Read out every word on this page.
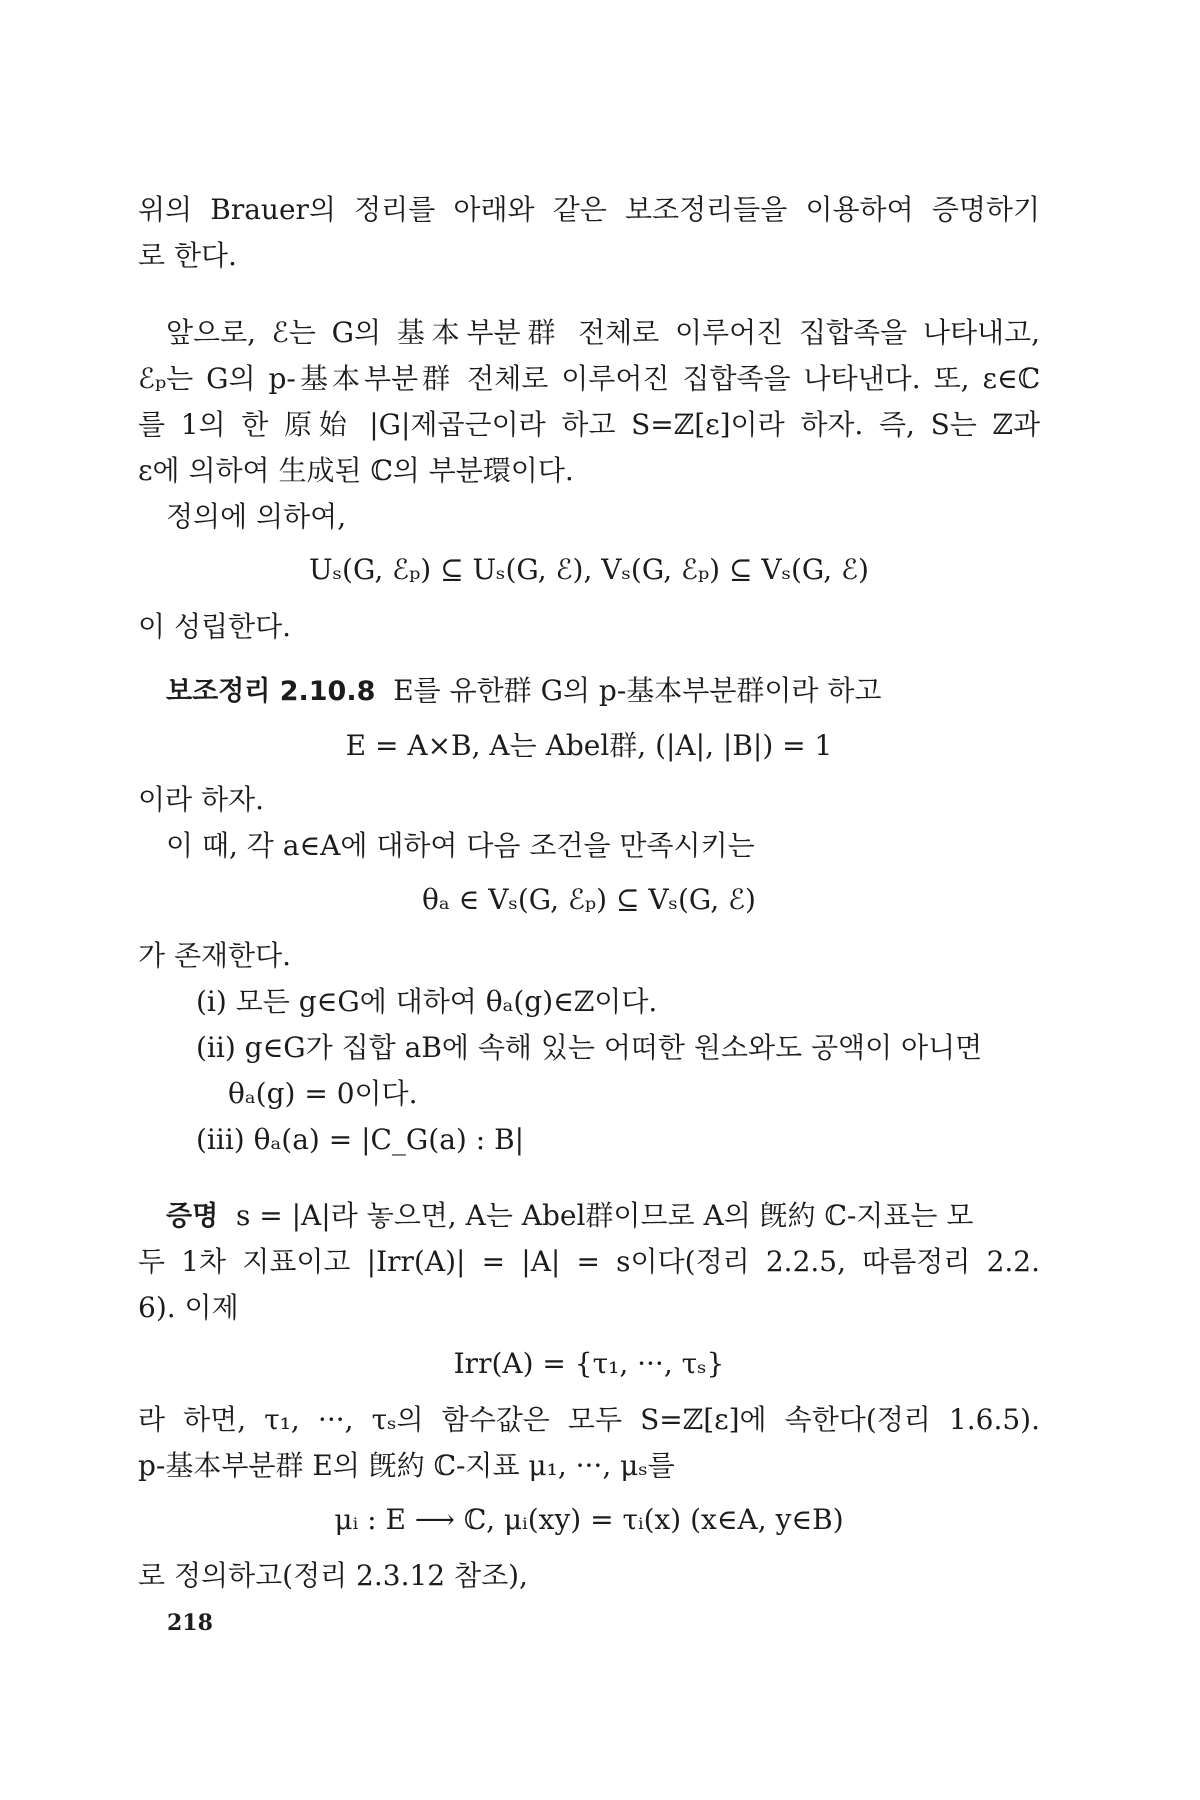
위의 Brauer의 정리를 아래와 같은 보조정리들을 이용하여 증명하기
로 한다.
앞으로, ℰ는 G의 基本부분群 전체로 이루어진 집합족을 나타내고,
ℰₚ는 G의 p-基本부분群 전체로 이루어진 집합족을 나타낸다. 또, ε∈ℂ
를 1의 한 原始 |G|제곱근이라 하고 S=ℤ[ε]이라 하자. 즉, S는 ℤ과
ε에 의하여 生成된 ℂ의 부분環이다.
정의에 의하여,
Uₛ(G, ℰₚ) ⊆ Uₛ(G, ℰ), Vₛ(G, ℰₚ) ⊆ Vₛ(G, ℰ)
이 성립한다.
보조정리 2.10.8 E를 유한群 G의 p-基本부분群이라 하고
E = A×B, A는 Abel群, (|A|, |B|) = 1
이라 하자.
이 때, 각 a∈A에 대하여 다음 조건을 만족시키는
θₐ ∈ Vₛ(G, ℰₚ) ⊆ Vₛ(G, ℰ)
가 존재한다.
(i) 모든 g∈G에 대하여 θₐ(g)∈ℤ이다.
(ii) g∈G가 집합 aB에 속해 있는 어떠한 원소와도 공액이 아니면
θₐ(g) = 0이다.
(iii) θₐ(a) = |C_G(a) : B|
증명 s = |A|라 놓으면, A는 Abel群이므로 A의 旣約 ℂ-지표는 모
두 1차 지표이고 |Irr(A)| = |A| = s이다(정리 2.2.5, 따름정리 2.2.
6). 이제
Irr(A) = {τ₁, ···, τₛ}
라 하면, τ₁, ···, τₛ의 함수값은 모두 S=ℤ[ε]에 속한다(정리 1.6.5).
p-基本부분群 E의 旣約 ℂ-지표 μ₁, ···, μₛ를
μᵢ : E ⟶ ℂ, μᵢ(xy) = τᵢ(x) (x∈A, y∈B)
로 정의하고(정리 2.3.12 참조),
218
